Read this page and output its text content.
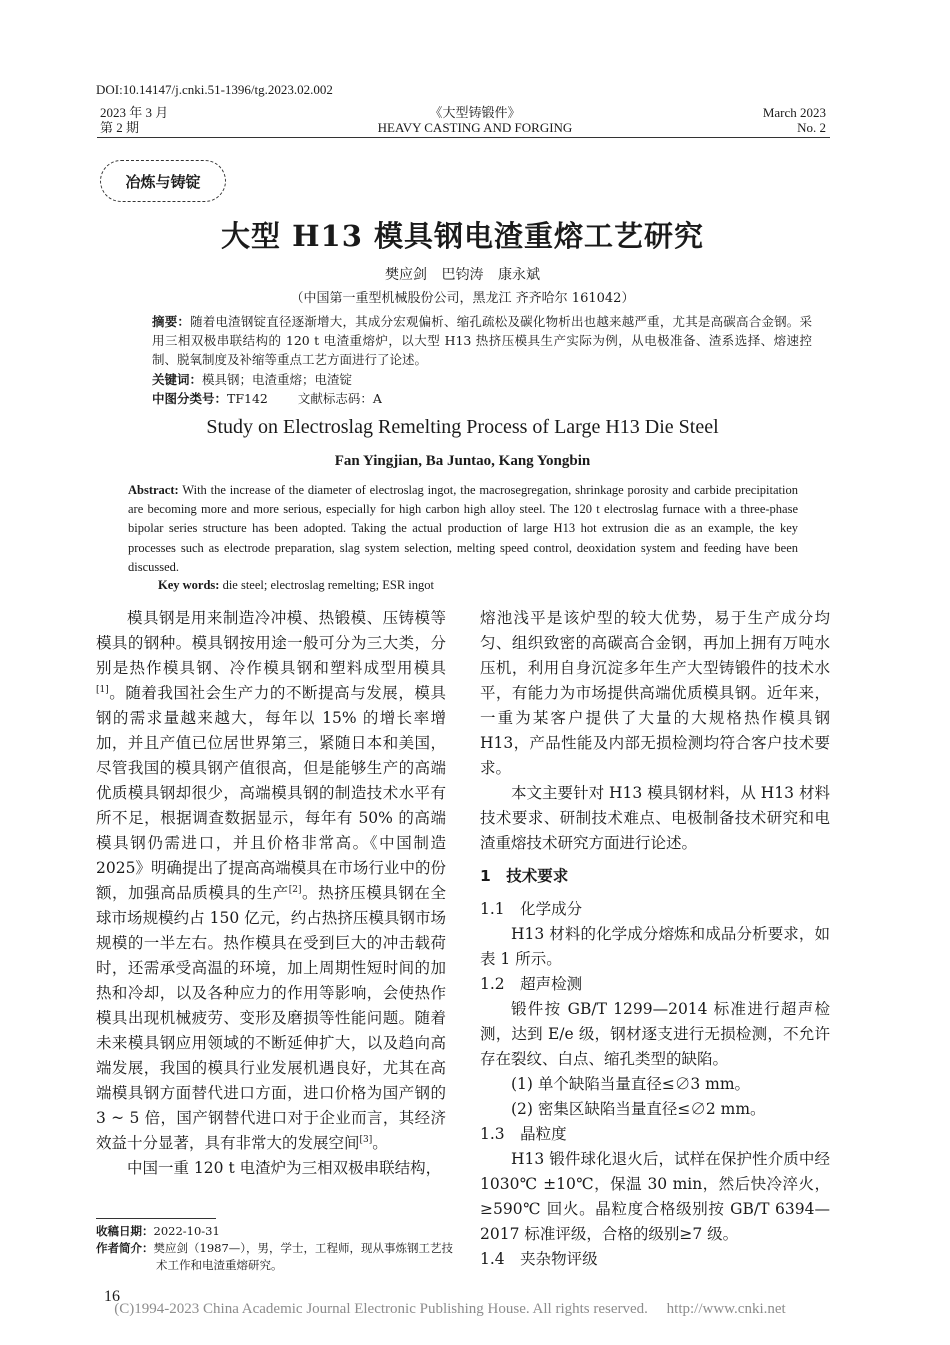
DOI:10.14147/j.cnki.51-1396/tg.2023.02.002
2023 年 3 月
第 2 期
《大型铸锻件》
HEAVY CASTING AND FORGING
March 2023
No. 2
冶炼与铸锭
大型 H13 模具钢电渣重熔工艺研究
樊应剑 巴钧涛 康永斌
（中国第一重型机械股份公司，黑龙江 齐齐哈尔 161042）
摘要：随着电渣钢锭直径逐渐增大，其成分宏观偏析、缩孔疏松及碳化物析出也越来越严重，尤其是高碳高合金钢。采用三相双极串联结构的 120 t 电渣重熔炉，以大型 H13 热挤压模具生产实际为例，从电极准备、渣系选择、熔速控制、脱氧制度及补缩等重点工艺方面进行了论述。
关键词：模具钢；电渣重熔；电渣锭
中图分类号：TF142 文献标志码：A
Study on Electroslag Remelting Process of Large H13 Die Steel
Fan Yingjian, Ba Juntao, Kang Yongbin
Abstract: With the increase of the diameter of electroslag ingot, the macrosegregation, shrinkage porosity and carbide precipitation are becoming more and more serious, especially for high carbon high alloy steel. The 120 t electroslag furnace with a three-phase bipolar series structure has been adopted. Taking the actual production of large H13 hot extrusion die as an example, the key processes such as electrode preparation, slag system selection, melting speed control, deoxidation system and feeding have been discussed.
Key words: die steel; electroslag remelting; ESR ingot

模具钢是用来制造冷冲模、热锻模、压铸模等模具的钢种。模具钢按用途一般可分为三大类，分别是热作模具钢、冷作模具钢和塑料成型用模具[1]。随着我国社会生产力的不断提高与发展，模具钢的需求量越来越大，每年以 15% 的增长率增加，并且产值已位居世界第三，紧随日本和美国，尽管我国的模具钢产值很高，但是能够生产的高端优质模具钢却很少，高端模具钢的制造技术水平有所不足，根据调查数据显示，每年有 50% 的高端模具钢仍需进口，并且价格非常高。《中国制造 2025》明确提出了提高高端模具在市场行业中的份额，加强高品质模具的生产[2]。热挤压模具钢在全球市场规模约占 150 亿元，约占热挤压模具钢市场规模的一半左右。热作模具在受到巨大的冲击载荷时，还需承受高温的环境，加上周期性短时间的加热和冷却，以及各种应力的作用等影响，会使热作模具出现机械疲劳、变形及磨损等性能问题。随着未来模具钢应用领域的不断延伸扩大，以及趋向高端发展，我国的模具行业发展机遇良好，尤其在高端模具钢方面替代进口方面，进口价格为国产钢的 3 ~ 5 倍，国产钢替代进口对于企业而言，其经济效益十分显著，具有非常大的发展空间[3]。

中国一重 120 t 电渣炉为三相双极串联结构，

熔池浅平是该炉型的较大优势，易于生产成分均匀、组织致密的高碳高合金钢，再加上拥有万吨水压机，利用自身沉淀多年生产大型铸锻件的技术水平，有能力为市场提供高端优质模具钢。近年来，一重为某客户提供了大量的大规格热作模具钢 H13，产品性能及内部无损检测均符合客户技术要求。

本文主要针对 H13 模具钢材料，从 H13 材料技术要求、研制技术难点、电极制备技术研究和电渣重熔技术研究方面进行论述。

1　技术要求

1.1　化学成分

H13 材料的化学成分熔炼和成品分析要求，如表 1 所示。

1.2　超声检测

锻件按 GB/T 1299—2014 标准进行超声检测，达到 E/e 级，钢材逐支进行无损检测，不允许存在裂纹、白点、缩孔类型的缺陷。

(1) 单个缺陷当量直径≤∅3 mm。

(2) 密集区缺陷当量直径≤∅2 mm。

1.3　晶粒度

H13 锻件球化退火后，试样在保护性介质中经 1030℃ ±10℃，保温 30 min，然后快冷淬火，≥590℃ 回火。晶粒度合格级别按 GB/T 6394—2017 标准评级，合格的级别≥7 级。

1.4　夹杂物评级

收稿日期：2022-10-31
作者简介：樊应剑（1987—），男，学士，工程师，现从事炼钢工艺技
术工作和电渣重熔研究。
16
(C)1994-2023 China Academic Journal Electronic Publishing House. All rights reserved.　 http://www.cnki.net
